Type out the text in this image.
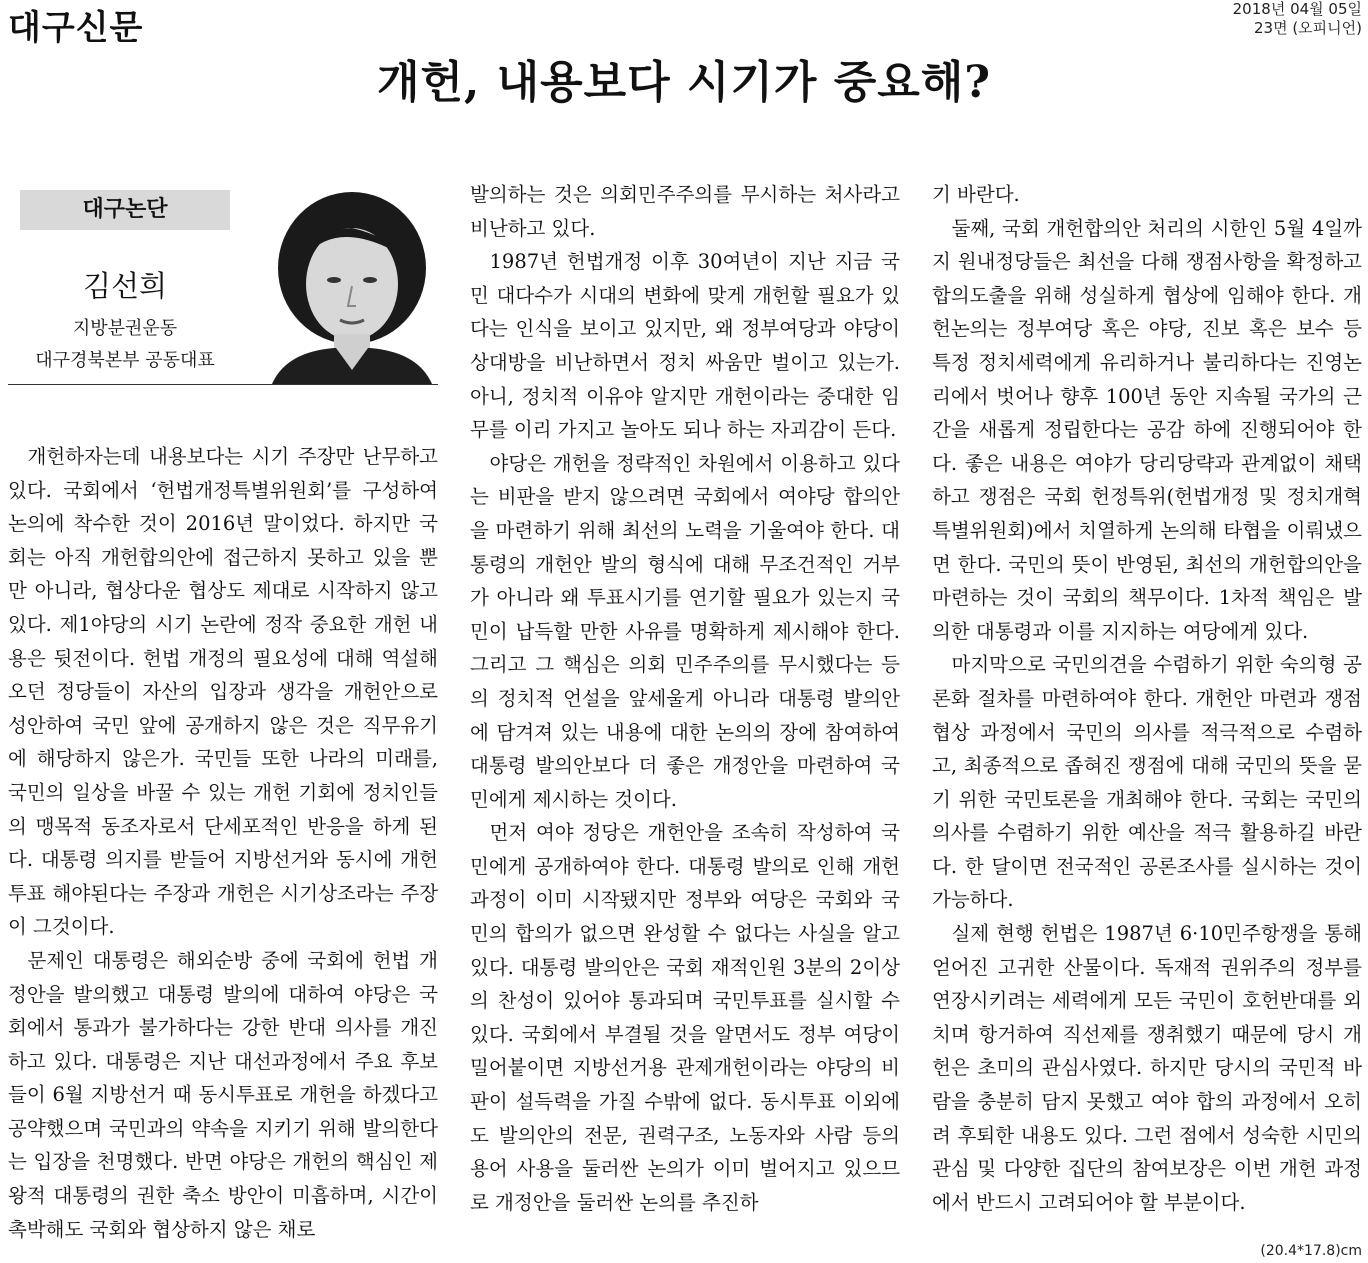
대구신문	2018년 04월 05일
23면 (오피니언)
개헌, 내용보다 시기가 중요해?
대구논단
김선희
지방분권운동
대구경북본부 공동대표

개헌하자는데 내용보다는 시기 주장만 난무하고 있다. 국회에서 ‘헌법개정특별위원회’를 구성하여 논의에 착수한 것이 2016년 말이었다. 하지만 국회는 아직 개헌합의안에 접근하지 못하고 있을 뿐만 아니라, 협상다운 협상도 제대로 시작하지 않고 있다. 제1야당의 시기 논란에 정작 중요한 개헌 내용은 뒷전이다. 헌법 개정의 필요성에 대해 역설해오던 정당들이 자산의 입장과 생각을 개헌안으로 성안하여 국민 앞에 공개하지 않은 것은 직무유기에 해당하지 않은가. 국민들 또한 나라의 미래를, 국민의 일상을 바꿀 수 있는 개헌 기회에 정치인들의 맹목적 동조자로서 단세포적인 반응을 하게 된다. 대통령 의지를 받들어 지방선거와 동시에 개헌투표 해야된다는 주장과 개헌은 시기상조라는 주장이 그것이다.

문제인 대통령은 해외순방 중에 국회에 헌법 개정안을 발의했고 대통령 발의에 대하여 야당은 국회에서 통과가 불가하다는 강한 반대 의사를 개진하고 있다. 대통령은 지난 대선과정에서 주요 후보들이 6월 지방선거 때 동시투표로 개헌을 하겠다고 공약했으며 국민과의 약속을 지키기 위해 발의한다는 입장을 천명했다. 반면 야당은 개헌의 핵심인 제왕적 대통령의 권한 축소 방안이 미흡하며, 시간이 촉박해도 국회와 협상하지 않은 채로

발의하는 것은 의회민주주의를 무시하는 처사라고 비난하고 있다.

1987년 헌법개정 이후 30여년이 지난 지금 국민 대다수가 시대의 변화에 맞게 개헌할 필요가 있다는 인식을 보이고 있지만, 왜 정부여당과 야당이 상대방을 비난하면서 정치 싸움만 벌이고 있는가. 아니, 정치적 이유야 알지만 개헌이라는 중대한 임무를 이리 가지고 놀아도 되나 하는 자괴감이 든다.

야당은 개헌을 정략적인 차원에서 이용하고 있다는 비판을 받지 않으려면 국회에서 여야당 합의안을 마련하기 위해 최선의 노력을 기울여야 한다. 대통령의 개헌안 발의 형식에 대해 무조건적인 거부가 아니라 왜 투표시기를 연기할 필요가 있는지 국민이 납득할 만한 사유를 명확하게 제시해야 한다. 그리고 그 핵심은 의회 민주주의를 무시했다는 등의 정치적 언설을 앞세울게 아니라 대통령 발의안에 담겨져 있는 내용에 대한 논의의 장에 참여하여 대통령 발의안보다 더 좋은 개정안을 마련하여 국민에게 제시하는 것이다.

먼저 여야 정당은 개헌안을 조속히 작성하여 국민에게 공개하여야 한다. 대통령 발의로 인해 개헌과정이 이미 시작됐지만 정부와 여당은 국회와 국민의 합의가 없으면 완성할 수 없다는 사실을 알고 있다. 대통령 발의안은 국회 재적인원 3분의 2이상의 찬성이 있어야 통과되며 국민투표를 실시할 수 있다. 국회에서 부결될 것을 알면서도 정부 여당이 밀어붙이면 지방선거용 관제개헌이라는 야당의 비판이 설득력을 가질 수밖에 없다. 동시투표 이외에도 발의안의 전문, 권력구조, 노동자와 사람 등의 용어 사용을 둘러싼 논의가 이미 벌어지고 있으므로 개정안을 둘러싼 논의를 추진하

기 바란다.

둘째, 국회 개헌합의안 처리의 시한인 5월 4일까지 원내정당들은 최선을 다해 쟁점사항을 확정하고 합의도출을 위해 성실하게 협상에 임해야 한다. 개헌논의는 정부여당 혹은 야당, 진보 혹은 보수 등 특정 정치세력에게 유리하거나 불리하다는 진영논리에서 벗어나 향후 100년 동안 지속될 국가의 근간을 새롭게 정립한다는 공감 하에 진행되어야 한다. 좋은 내용은 여야가 당리당략과 관계없이 채택하고 쟁점은 국회 헌정특위(헌법개정 및 정치개혁특별위원회)에서 치열하게 논의해 타협을 이뤄냈으면 한다. 국민의 뜻이 반영된, 최선의 개헌합의안을 마련하는 것이 국회의 책무이다. 1차적 책임은 발의한 대통령과 이를 지지하는 여당에게 있다.

마지막으로 국민의견을 수렴하기 위한 숙의형 공론화 절차를 마련하여야 한다. 개헌안 마련과 쟁점 협상 과정에서 국민의 의사를 적극적으로 수렴하고, 최종적으로 좁혀진 쟁점에 대해 국민의 뜻을 묻기 위한 국민토론을 개최해야 한다. 국회는 국민의 의사를 수렴하기 위한 예산을 적극 활용하길 바란다. 한 달이면 전국적인 공론조사를 실시하는 것이 가능하다.

실제 현행 헌법은 1987년 6·10민주항쟁을 통해 얻어진 고귀한 산물이다. 독재적 권위주의 정부를 연장시키려는 세력에게 모든 국민이 호헌반대를 외치며 항거하여 직선제를 쟁취했기 때문에 당시 개헌은 초미의 관심사였다. 하지만 당시의 국민적 바람을 충분히 담지 못했고 여야 합의 과정에서 오히려 후퇴한 내용도 있다. 그런 점에서 성숙한 시민의 관심 및 다양한 집단의 참여보장은 이번 개헌 과정에서 반드시 고려되어야 할 부분이다.

(20.4*17.8)cm
